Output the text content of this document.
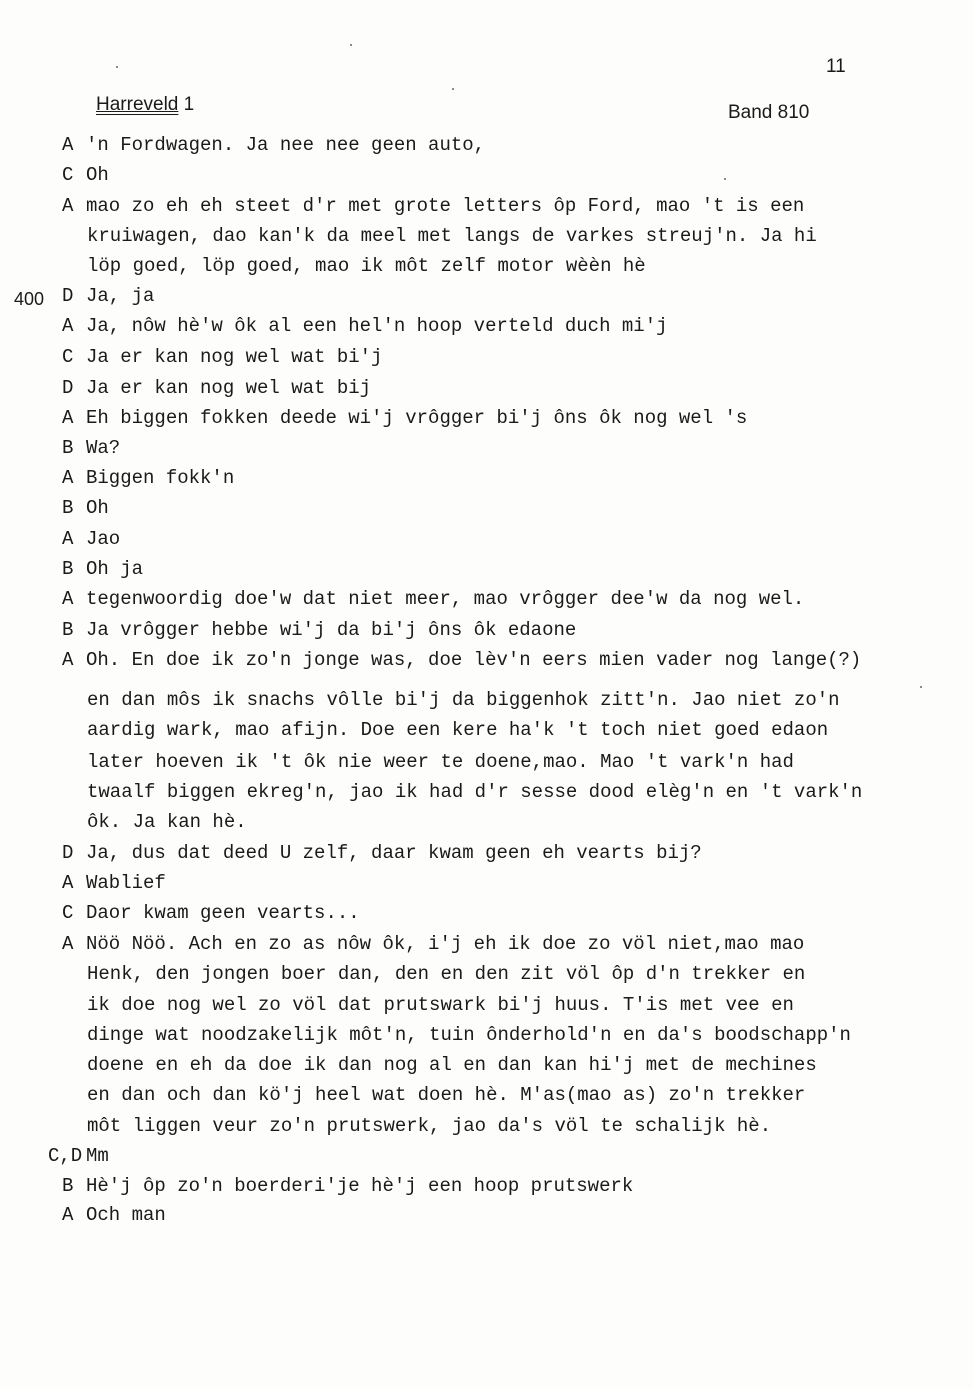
11
Harreveld 1	Band 810
400
A 'n Fordwagen. Ja nee nee geen auto,
C Oh
A mao zo eh eh steet d'r met grote letters ôp Ford, mao 't is een
kruiwagen, dao kan'k da meel met langs de varkes streuj'n. Ja hi
löp goed, löp goed, mao ik môt zelf motor wèèn hè
D Ja, ja
A Ja, nôw hè'w ôk al een hel'n hoop verteld duch mi'j
C Ja er kan nog wel wat bi'j
D Ja er kan nog wel wat bij
A Eh biggen fokken deede wi'j vrôgger bi'j ôns ôk nog wel 's
B Wa?
A Biggen fokk'n
B Oh
A Jao
B Oh ja
A tegenwoordig doe'w dat niet meer, mao vrôgger dee'w da nog wel.
B Ja vrôgger hebbe wi'j da bi'j ôns ôk edaone
A Oh. En doe ik zo'n jonge was, doe lèv'n eers mien vader nog lange(?)
en dan môs ik snachs vôlle bi'j da biggenhok zitt'n. Jao niet zo'n
aardig wark, mao afijn. Doe een kere ha'k 't toch niet goed edaon
later hoeven ik 't ôk nie weer te doene,mao. Mao 't vark'n had
twaalf biggen ekreg'n, jao ik had d'r sesse dood elèg'n en 't vark'n
ôk. Ja kan hè.
D Ja, dus dat deed U zelf, daar kwam geen eh vearts bij?
A Wablief
C Daor kwam geen vearts...
A Nöö Nöö. Ach en zo as nôw ôk, i'j eh ik doe zo völ niet,mao mao
Henk, den jongen boer dan, den en den zit völ ôp d'n trekker en
ik doe nog wel zo völ dat prutswark bi'j huus. T'is met vee en
dinge wat noodzakelijk môt'n, tuin ônderhold'n en da's boodschapp'n
doene en eh da doe ik dan nog al en dan kan hi'j met de mechines
en dan och dan kö'j heel wat doen hè. M'as(mao as) zo'n trekker
môt liggen veur zo'n prutswerk, jao da's völ te schalijk hè.
C,D Mm
B Hè'j ôp zo'n boerderi'je hè'j een hoop prutswerk
A Och man
